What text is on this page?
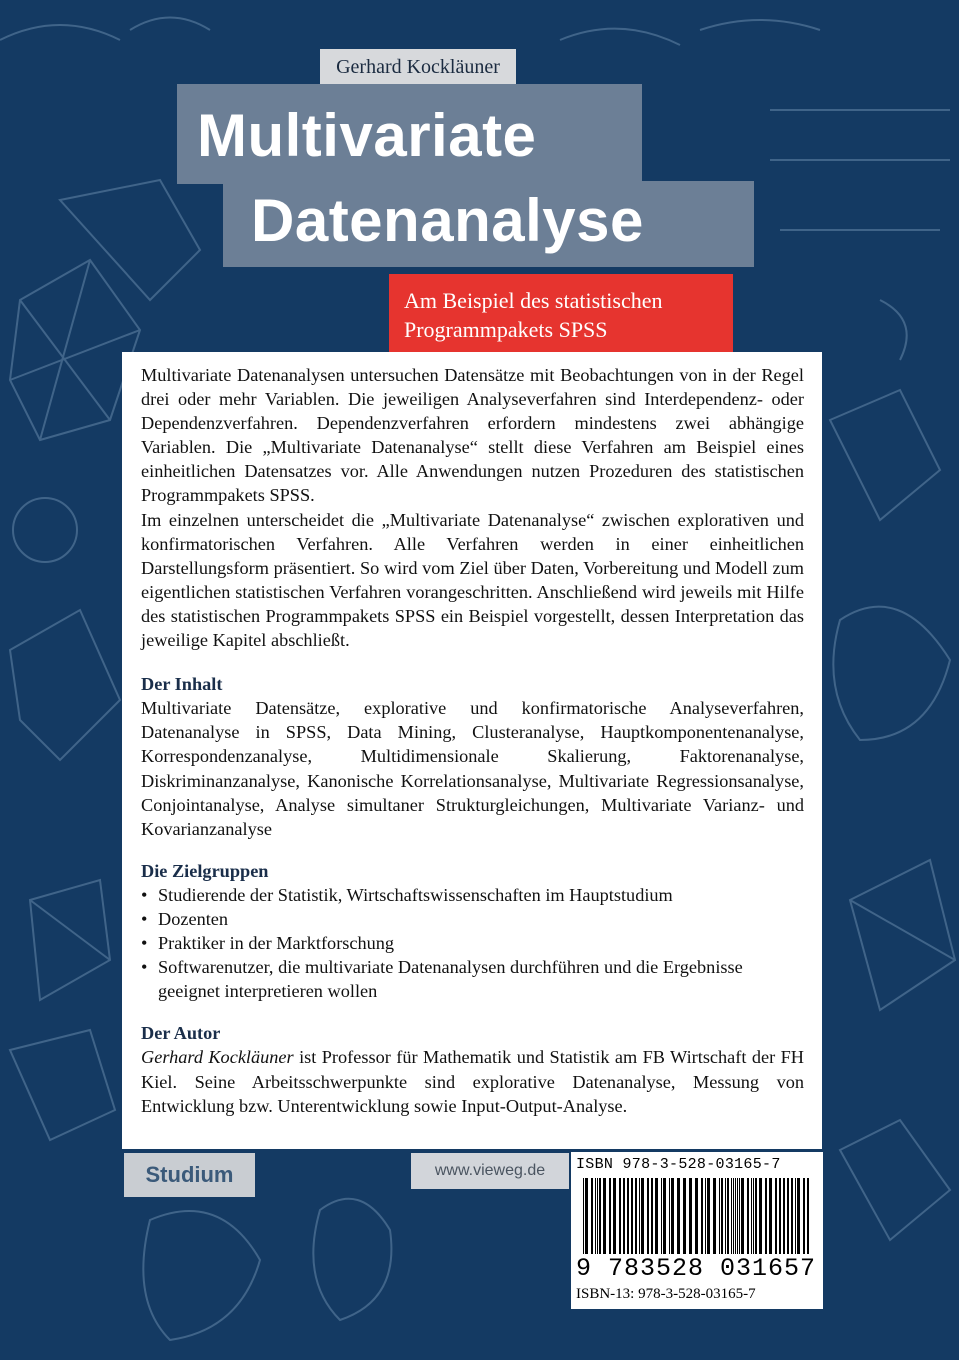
Gerhard Kockläuner
Multivariate
Datenanalyse
Am Beispiel des statistischen
Programmpakets SPSS

Multivariate Datenanalysen untersuchen Datensätze mit Beobachtungen von in der Regel drei oder mehr Variablen. Die jeweiligen Analyseverfahren sind Interdependenz- oder Dependenzverfahren. Dependenzverfahren erfordern mindestens zwei abhängige Variablen. Die „Multivariate Datenanalyse“ stellt diese Verfahren am Beispiel eines einheitlichen Datensatzes vor. Alle Anwendungen nutzen Prozeduren des statistischen Programmpakets SPSS.

Im einzelnen unterscheidet die „Multivariate Datenanalyse“ zwischen explorativen und konfirmatorischen Verfahren. Alle Verfahren werden in einer einheitlichen Darstellungsform präsentiert. So wird vom Ziel über Daten, Vorbereitung und Modell zum eigentlichen statistischen Verfahren vorangeschritten. Anschließend wird jeweils mit Hilfe des statistischen Programmpakets SPSS ein Beispiel vorgestellt, dessen Interpretation das jeweilige Kapitel abschließt.

Der Inhalt

Multivariate Datensätze, explorative und konfirmatorische Analyseverfahren, Datenanalyse in SPSS, Data Mining, Clusteranalyse, Hauptkomponentenanalyse, Korrespondenzanalyse, Multidimensionale Skalierung, Faktorenanalyse, Diskriminanzanalyse, Kanonische Korrelationsanalyse, Multivariate Regressionsanalyse, Conjointanalyse, Analyse simultaner Strukturgleichungen, Multivariate Varianz- und Kovarianzanalyse

Die Zielgruppen

• Studierende der Statistik, Wirtschaftswissenschaften im Hauptstudium
• Dozenten
• Praktiker in der Marktforschung
• Softwarenutzer, die multivariate Datenanalysen durchführen und die Ergebnisse geeignet interpretieren wollen

Der Autor

Gerhard Kockläuner ist Professor für Mathematik und Statistik am FB Wirtschaft der FH Kiel. Seine Arbeitsschwerpunkte sind explorative Datenanalyse, Messung von Entwicklung bzw. Unterentwicklung sowie Input-Output-Analyse.

Studium	www.vieweg.de	ISBN 978-3-528-03165-7
9 783528 031657
ISBN-13: 978-3-528-03165-7
